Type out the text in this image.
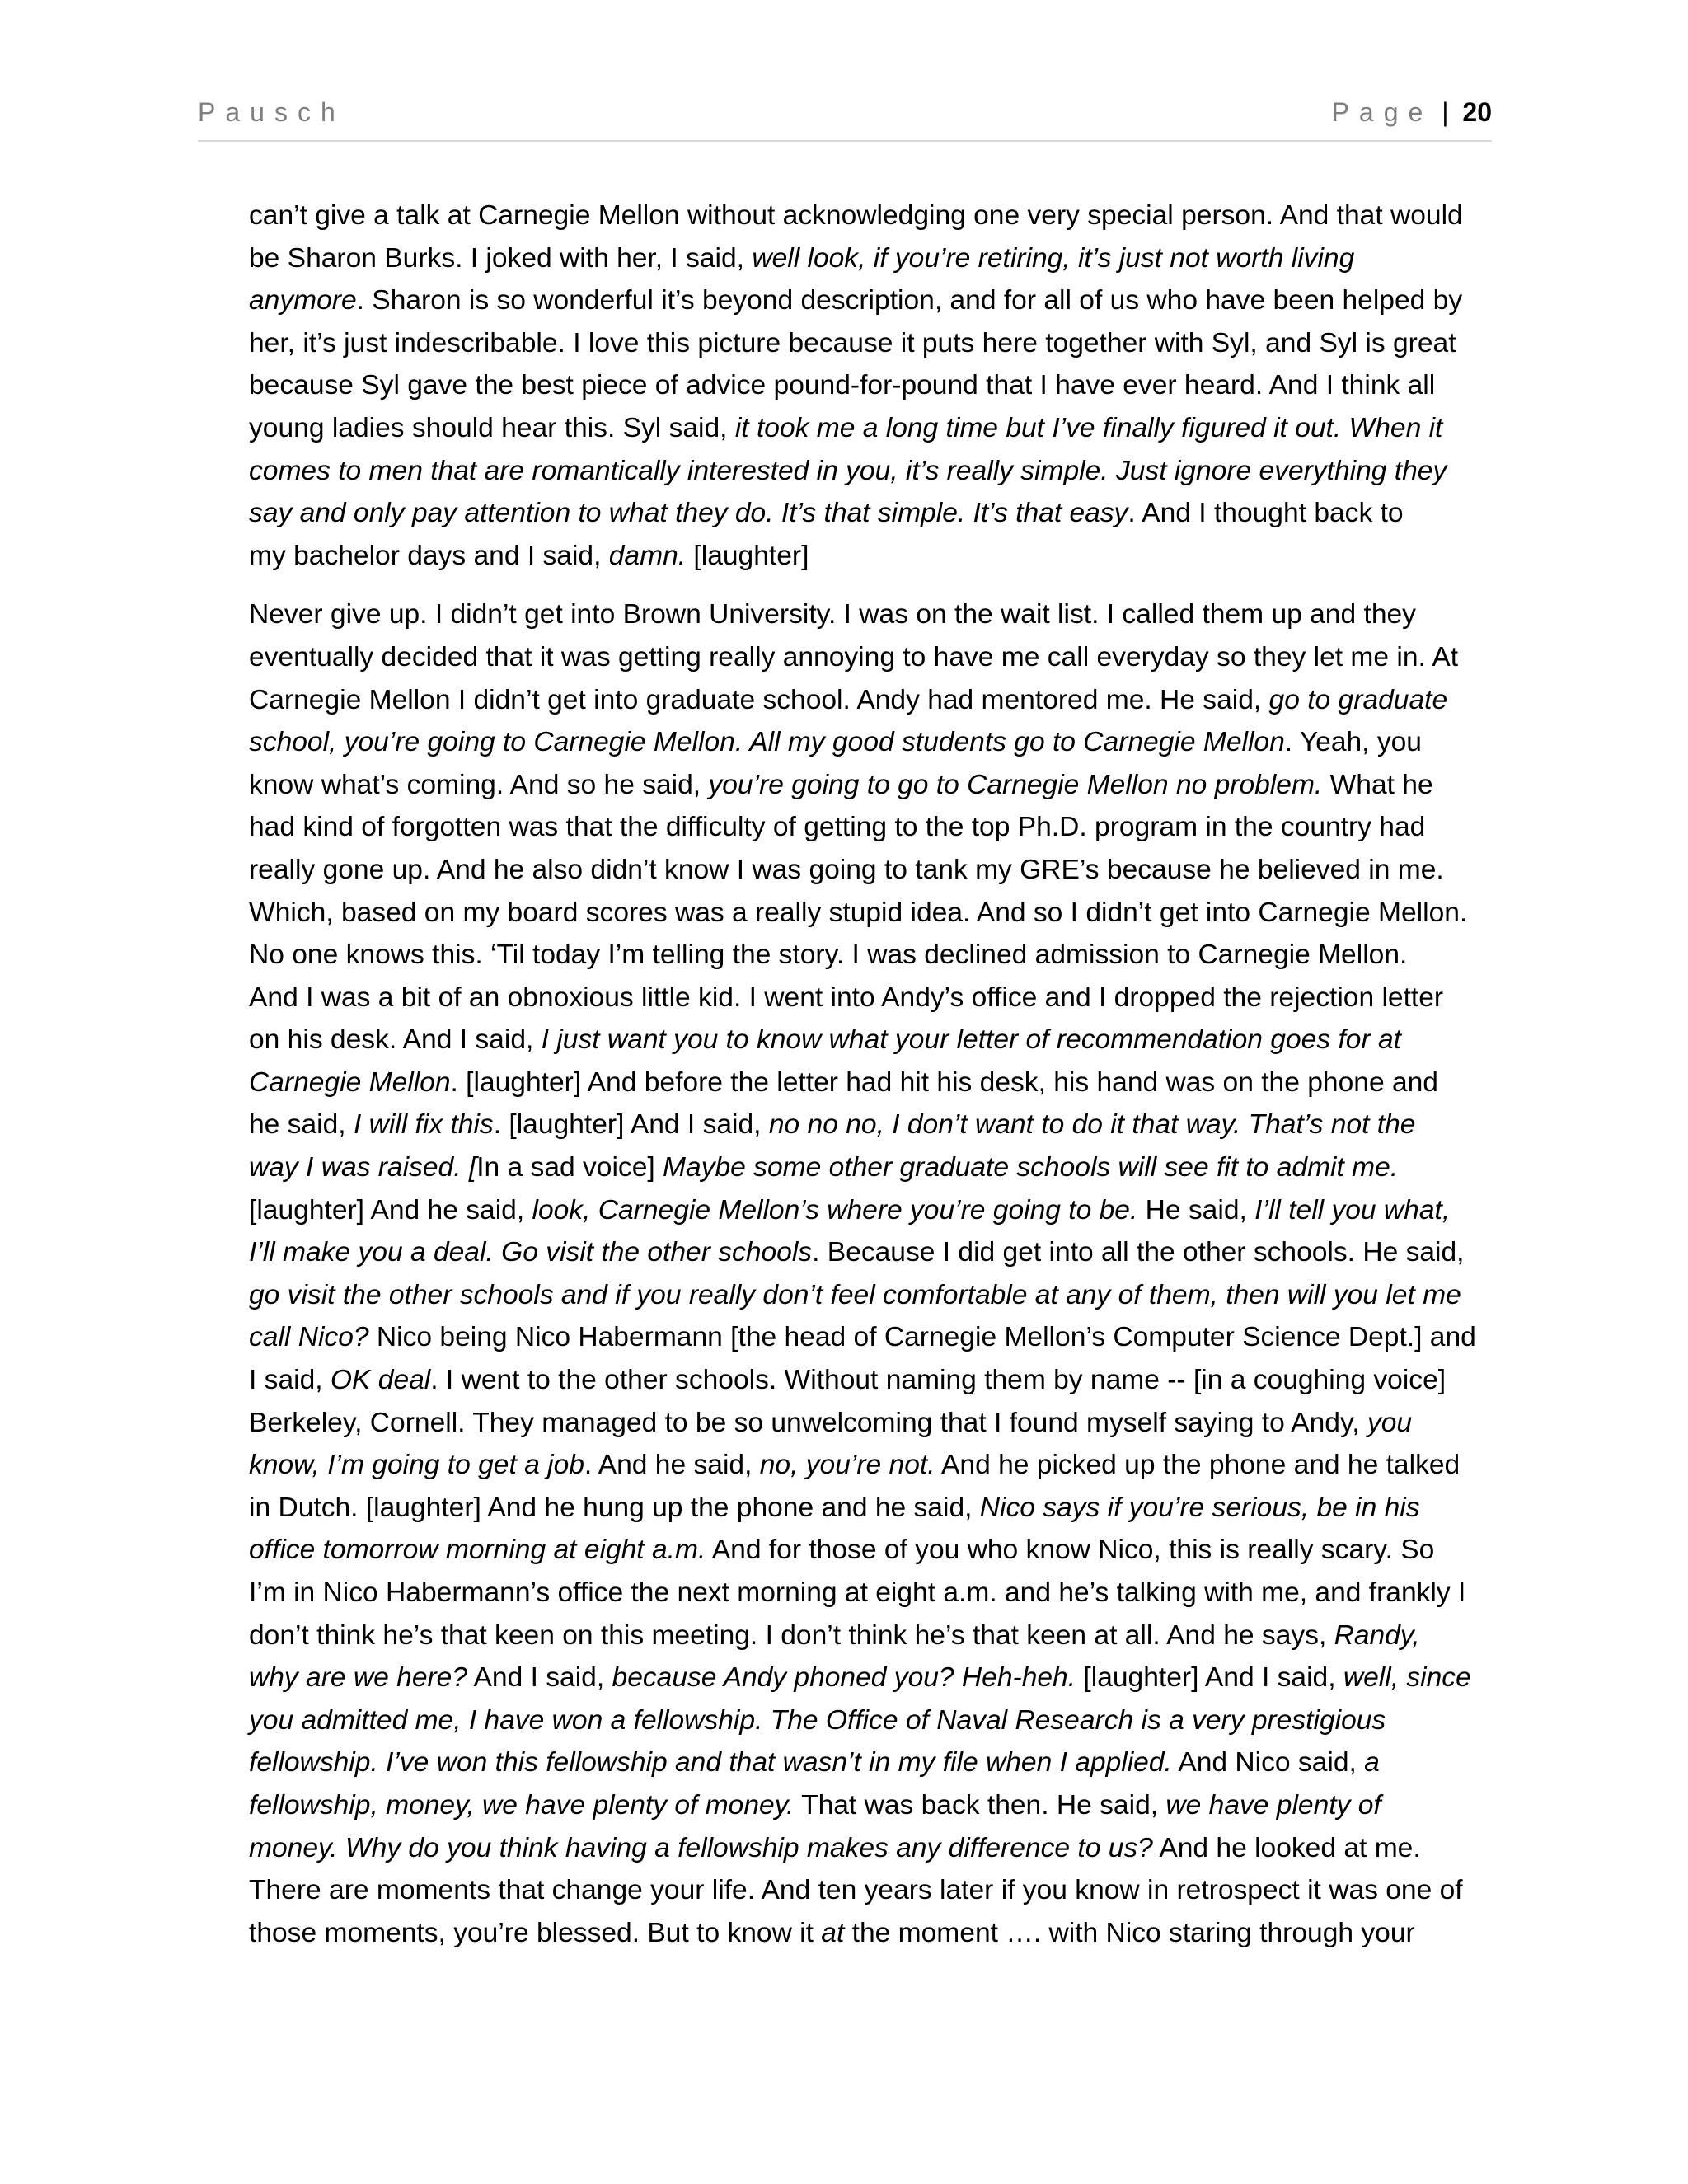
Pausch	Page | 20

can’t give a talk at Carnegie Mellon without acknowledging one very special person. And that would
be Sharon Burks. I joked with her, I said, well look, if you’re retiring, it’s just not worth living
anymore. Sharon is so wonderful it’s beyond description, and for all of us who have been helped by
her, it’s just indescribable. I love this picture because it puts here together with Syl, and Syl is great
because Syl gave the best piece of advice pound-for-pound that I have ever heard. And I think all
young ladies should hear this. Syl said, it took me a long time but I’ve finally figured it out. When it
comes to men that are romantically interested in you, it’s really simple. Just ignore everything they
say and only pay attention to what they do. It’s that simple. It’s that easy. And I thought back to
my bachelor days and I said, damn. [laughter]

Never give up. I didn’t get into Brown University. I was on the wait list. I called them up and they
eventually decided that it was getting really annoying to have me call everyday so they let me in. At
Carnegie Mellon I didn’t get into graduate school. Andy had mentored me. He said, go to graduate
school, you’re going to Carnegie Mellon. All my good students go to Carnegie Mellon. Yeah, you
know what’s coming. And so he said, you’re going to go to Carnegie Mellon no problem. What he
had kind of forgotten was that the difficulty of getting to the top Ph.D. program in the country had
really gone up. And he also didn’t know I was going to tank my GRE’s because he believed in me.
Which, based on my board scores was a really stupid idea. And so I didn’t get into Carnegie Mellon.
No one knows this. ‘Til today I’m telling the story. I was declined admission to Carnegie Mellon.
And I was a bit of an obnoxious little kid. I went into Andy’s office and I dropped the rejection letter
on his desk. And I said, I just want you to know what your letter of recommendation goes for at
Carnegie Mellon. [laughter] And before the letter had hit his desk, his hand was on the phone and
he said, I will fix this. [laughter] And I said, no no no, I don’t want to do it that way. That’s not the
way I was raised. [In a sad voice] Maybe some other graduate schools will see fit to admit me.
[laughter] And he said, look, Carnegie Mellon’s where you’re going to be. He said, I’ll tell you what,
I’ll make you a deal. Go visit the other schools. Because I did get into all the other schools. He said,
go visit the other schools and if you really don’t feel comfortable at any of them, then will you let me
call Nico? Nico being Nico Habermann [the head of Carnegie Mellon’s Computer Science Dept.] and
I said, OK deal. I went to the other schools. Without naming them by name -- [in a coughing voice]
Berkeley, Cornell. They managed to be so unwelcoming that I found myself saying to Andy, you
know, I’m going to get a job. And he said, no, you’re not. And he picked up the phone and he talked
in Dutch. [laughter] And he hung up the phone and he said, Nico says if you’re serious, be in his
office tomorrow morning at eight a.m. And for those of you who know Nico, this is really scary. So
I’m in Nico Habermann’s office the next morning at eight a.m. and he’s talking with me, and frankly I
don’t think he’s that keen on this meeting. I don’t think he’s that keen at all. And he says, Randy,
why are we here? And I said, because Andy phoned you? Heh-heh. [laughter] And I said, well, since
you admitted me, I have won a fellowship. The Office of Naval Research is a very prestigious
fellowship. I’ve won this fellowship and that wasn’t in my file when I applied. And Nico said, a
fellowship, money, we have plenty of money. That was back then. He said, we have plenty of
money. Why do you think having a fellowship makes any difference to us? And he looked at me.
There are moments that change your life. And ten years later if you know in retrospect it was one of
those moments, you’re blessed. But to know it at the moment …. with Nico staring through your
